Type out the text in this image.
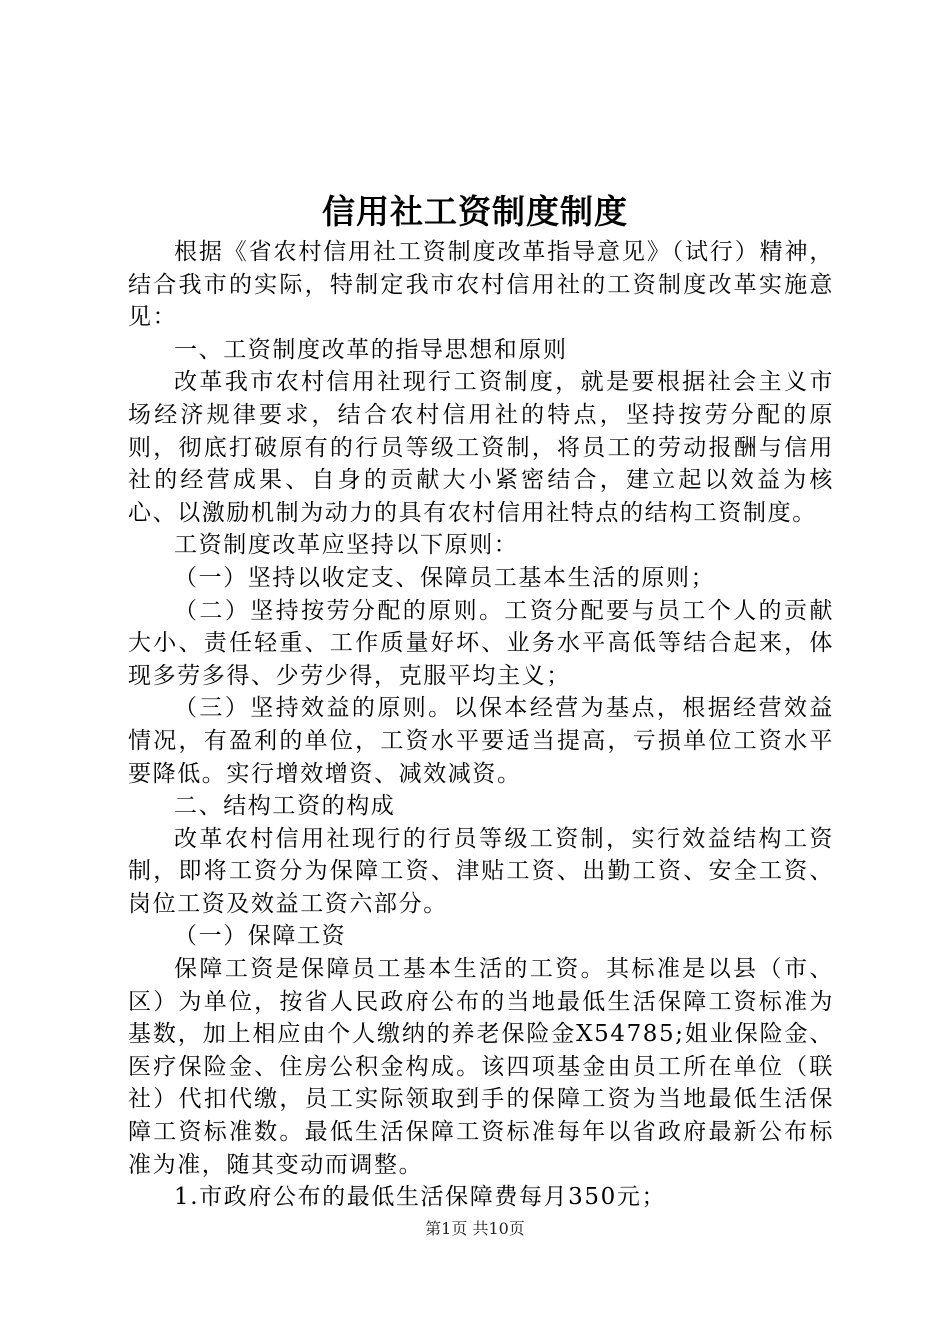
信用社工资制度制度

根据《省农村信用社工资制度改革指导意见》（试行）精神，结合我市的实际，特制定我市农村信用社的工资制度改革实施意见：

一、工资制度改革的指导思想和原则

改革我市农村信用社现行工资制度，就是要根据社会主义市场经济规律要求，结合农村信用社的特点，坚持按劳分配的原则，彻底打破原有的行员等级工资制，将员工的劳动报酬与信用社的经营成果、自身的贡献大小紧密结合，建立起以效益为核心、以激励机制为动力的具有农村信用社特点的结构工资制度。

工资制度改革应坚持以下原则：

（一）坚持以收定支、保障员工基本生活的原则；

（二）坚持按劳分配的原则。工资分配要与员工个人的贡献大小、责任轻重、工作质量好坏、业务水平高低等结合起来，体现多劳多得、少劳少得，克服平均主义；

（三）坚持效益的原则。以保本经营为基点，根据经营效益情况，有盈利的单位，工资水平要适当提高，亏损单位工资水平要降低。实行增效增资、减效减资。

二、结构工资的构成

改革农村信用社现行的行员等级工资制，实行效益结构工资制，即将工资分为保障工资、津贴工资、出勤工资、安全工资、岗位工资及效益工资六部分。

（一）保障工资

保障工资是保障员工基本生活的工资。其标准是以县（市、区）为单位，按省人民政府公布的当地最低生活保障工资标准为基数，加上相应由个人缴纳的养老保险金X54785;姐业保险金、医疗保险金、住房公积金构成。该四项基金由员工所在单位（联社）代扣代缴，员工实际领取到手的保障工资为当地最低生活保障工资标准数。最低生活保障工资标准每年以省政府最新公布标准为准，随其变动而调整。

1.市政府公布的最低生活保障费每月350元；

第1页 共10页
